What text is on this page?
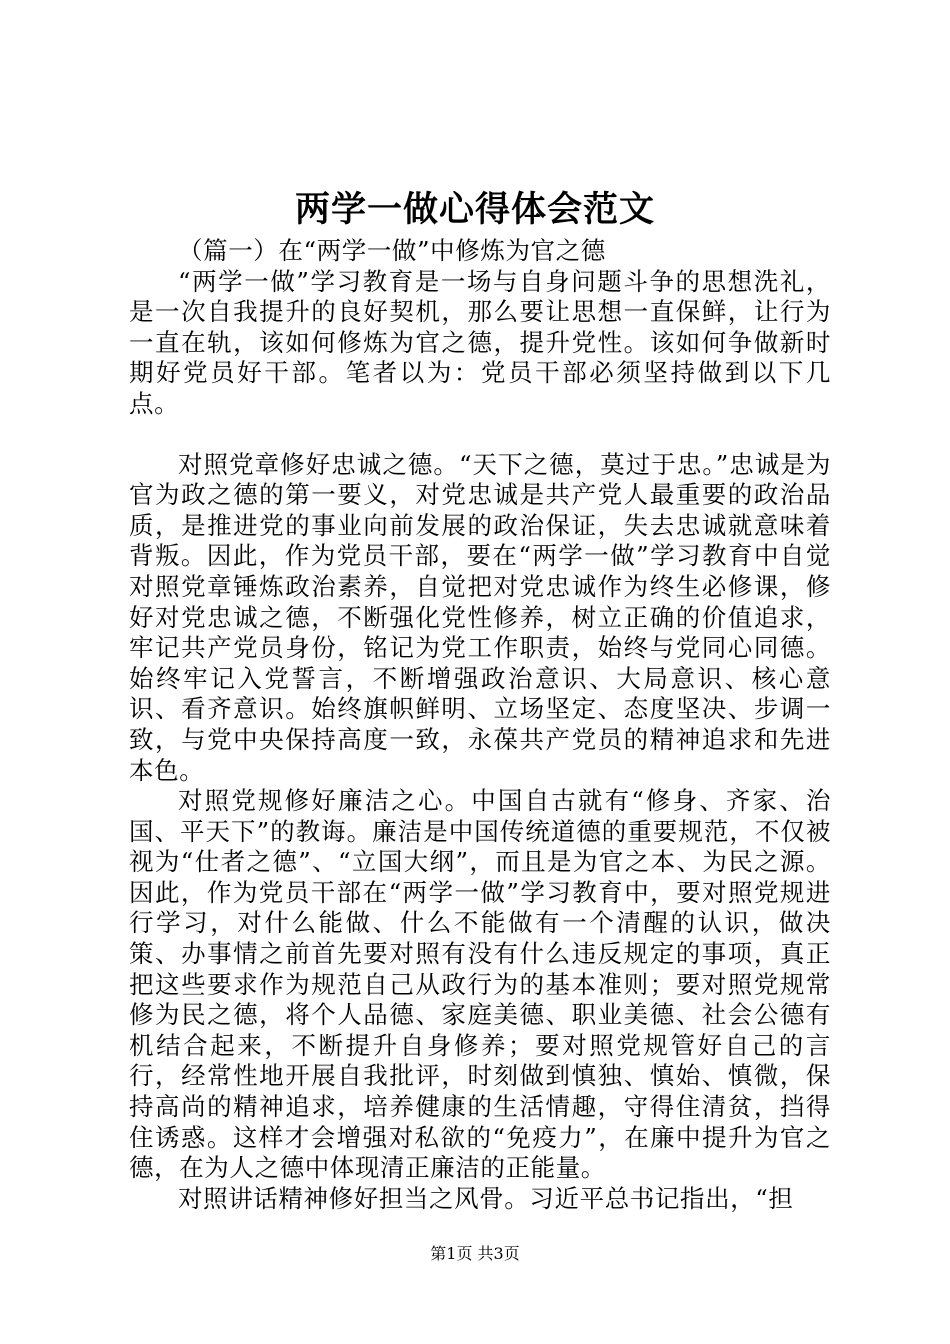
两学一做心得体会范文

（篇一）在“两学一做”中修炼为官之德

“两学一做”学习教育是一场与自身问题斗争的思想洗礼，是一次自我提升的良好契机，那么要让思想一直保鲜，让行为一直在轨，该如何修炼为官之德，提升党性。该如何争做新时期好党员好干部。笔者以为：党员干部必须坚持做到以下几点。

对照党章修好忠诚之德。“天下之德，莫过于忠。”忠诚是为官为政之德的第一要义，对党忠诚是共产党人最重要的政治品质，是推进党的事业向前发展的政治保证，失去忠诚就意味着背叛。因此，作为党员干部，要在“两学一做”学习教育中自觉对照党章锤炼政治素养，自觉把对党忠诚作为终生必修课，修好对党忠诚之德，不断强化党性修养，树立正确的价值追求，牢记共产党员身份，铭记为党工作职责，始终与党同心同德。始终牢记入党誓言，不断增强政治意识、大局意识、核心意识、看齐意识。始终旗帜鲜明、立场坚定、态度坚决、步调一致，与党中央保持高度一致，永葆共产党员的精神追求和先进本色。

对照党规修好廉洁之心。中国自古就有“修身、齐家、治国、平天下”的教诲。廉洁是中国传统道德的重要规范，不仅被视为“仕者之德”、“立国大纲”，而且是为官之本、为民之源。因此，作为党员干部在“两学一做”学习教育中，要对照党规进行学习，对什么能做、什么不能做有一个清醒的认识，做决策、办事情之前首先要对照有没有什么违反规定的事项，真正把这些要求作为规范自己从政行为的基本准则；要对照党规常修为民之德，将个人品德、家庭美德、职业美德、社会公德有机结合起来，不断提升自身修养；要对照党规管好自己的言行，经常性地开展自我批评，时刻做到慎独、慎始、慎微，保持高尚的精神追求，培养健康的生活情趣，守得住清贫，挡得住诱惑。这样才会增强对私欲的“免疫力”，在廉中提升为官之德，在为人之德中体现清正廉洁的正能量。

对照讲话精神修好担当之风骨。习近平总书记指出，“担

第1页 共3页
